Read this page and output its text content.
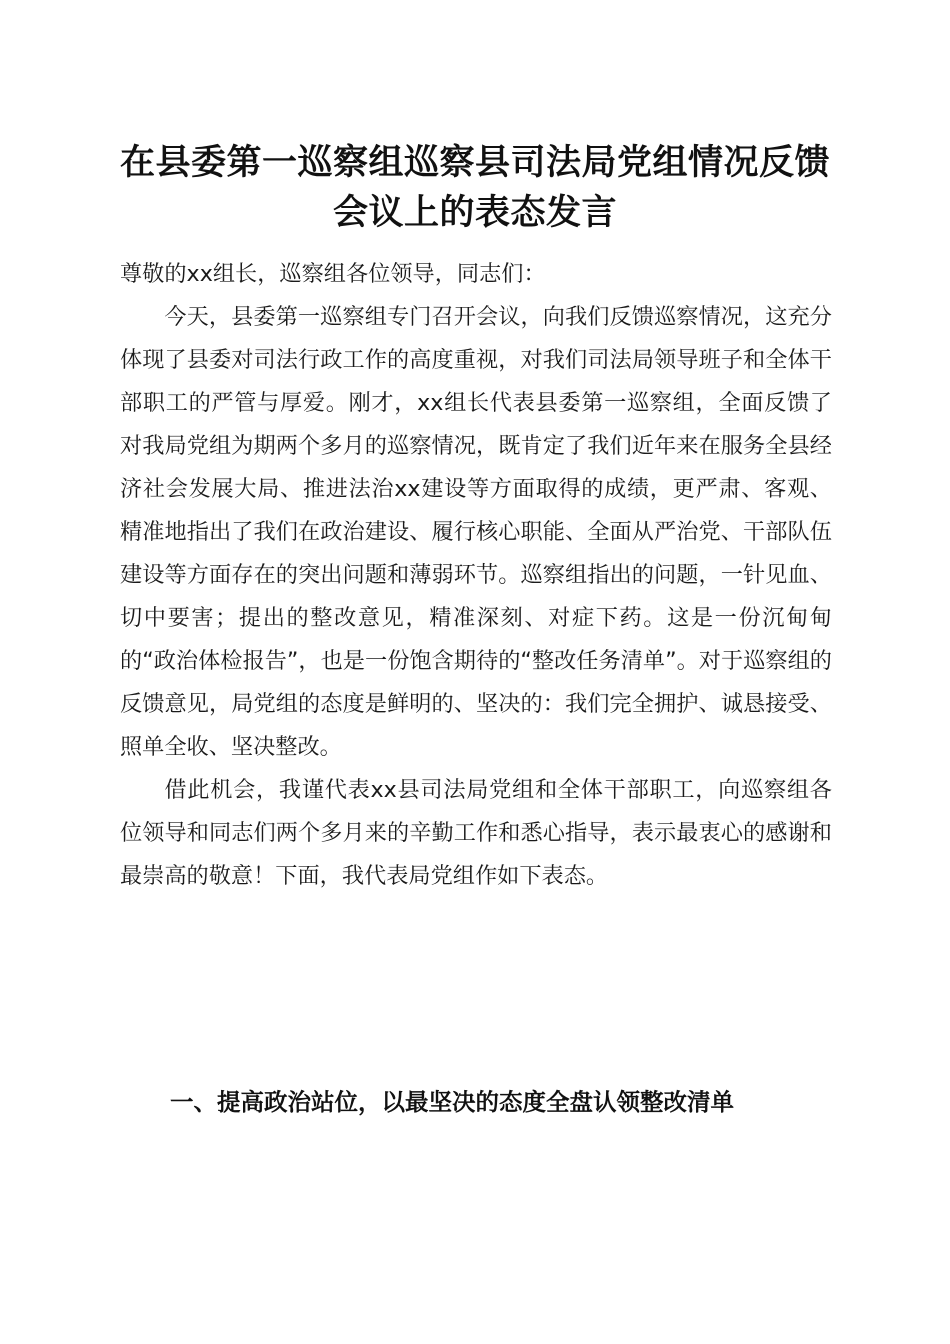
在县委第一巡察组巡察县司法局党组情况反馈会议上的表态发言

尊敬的xx组长，巡察组各位领导，同志们：

今天，县委第一巡察组专门召开会议，向我们反馈巡察情况，这充分体现了县委对司法行政工作的高度重视，对我们司法局领导班子和全体干部职工的严管与厚爱。刚才，xx组长代表县委第一巡察组，全面反馈了对我局党组为期两个多月的巡察情况，既肯定了我们近年来在服务全县经济社会发展大局、推进法治xx建设等方面取得的成绩，更严肃、客观、精准地指出了我们在政治建设、履行核心职能、全面从严治党、干部队伍建设等方面存在的突出问题和薄弱环节。巡察组指出的问题，一针见血、切中要害；提出的整改意见，精准深刻、对症下药。这是一份沉甸甸的“政治体检报告”，也是一份饱含期待的“整改任务清单”。对于巡察组的反馈意见，局党组的态度是鲜明的、坚决的：我们完全拥护、诚恳接受、照单全收、坚决整改。

借此机会，我谨代表xx县司法局党组和全体干部职工，向巡察组各位领导和同志们两个多月来的辛勤工作和悉心指导，表示最衷心的感谢和最崇高的敬意！下面，我代表局党组作如下表态。

一、提高政治站位，以最坚决的态度全盘认领整改清单
